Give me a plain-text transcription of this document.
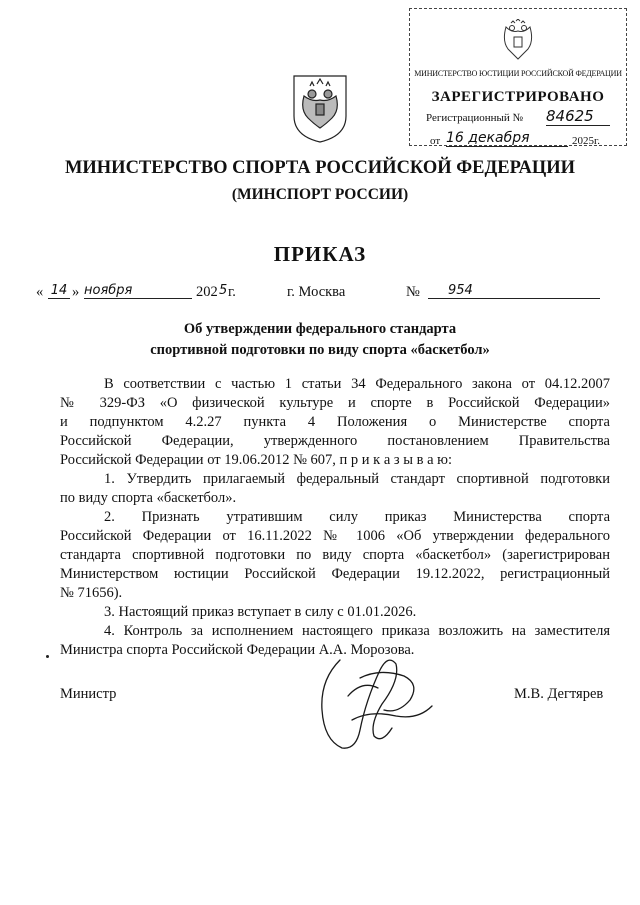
МИНИСТЕРСТВО ЮСТИЦИИ РОССИЙСКОЙ ФЕДЕРАЦИИ
ЗАРЕГИСТРИРОВАНО
Регистрационный № 84625
от 16 декабря	2025г.
МИНИСТЕРСТВО СПОРТА РОССИЙСКОЙ ФЕДЕРАЦИИ
(МИНСПОРТ РОССИИ)
ПРИКАЗ
« 14 » ноября	202 5 г.	г. Москва	№	954
Об утверждении федерального стандарта
спортивной подготовки по виду спорта «баскетбол»
В соответствии с частью 1 статьи 34 Федерального закона от 04.12.2007
№ 329-ФЗ «О физической культуре и спорте в Российской Федерации»
и подпунктом 4.2.27 пункта 4 Положения о Министерстве спорта
Российской Федерации, утвержденного постановлением Правительства
Российской Федерации от 19.06.2012 № 607, п р и к а з ы в а ю:
1. Утвердить прилагаемый федеральный стандарт спортивной подготовки
по виду спорта «баскетбол».
2. Признать утратившим силу приказ Министерства спорта
Российской Федерации от 16.11.2022 № 1006 «Об утверждении федерального
стандарта спортивной подготовки по виду спорта «баскетбол» (зарегистрирован
Министерством юстиции Российской Федерации 19.12.2022, регистрационный
№ 71656).
3. Настоящий приказ вступает в силу с 01.01.2026.
4. Контроль за исполнением настоящего приказа возложить на заместителя
Министра спорта Российской Федерации А.А. Морозова.
Министр	М.В. Дегтярев
